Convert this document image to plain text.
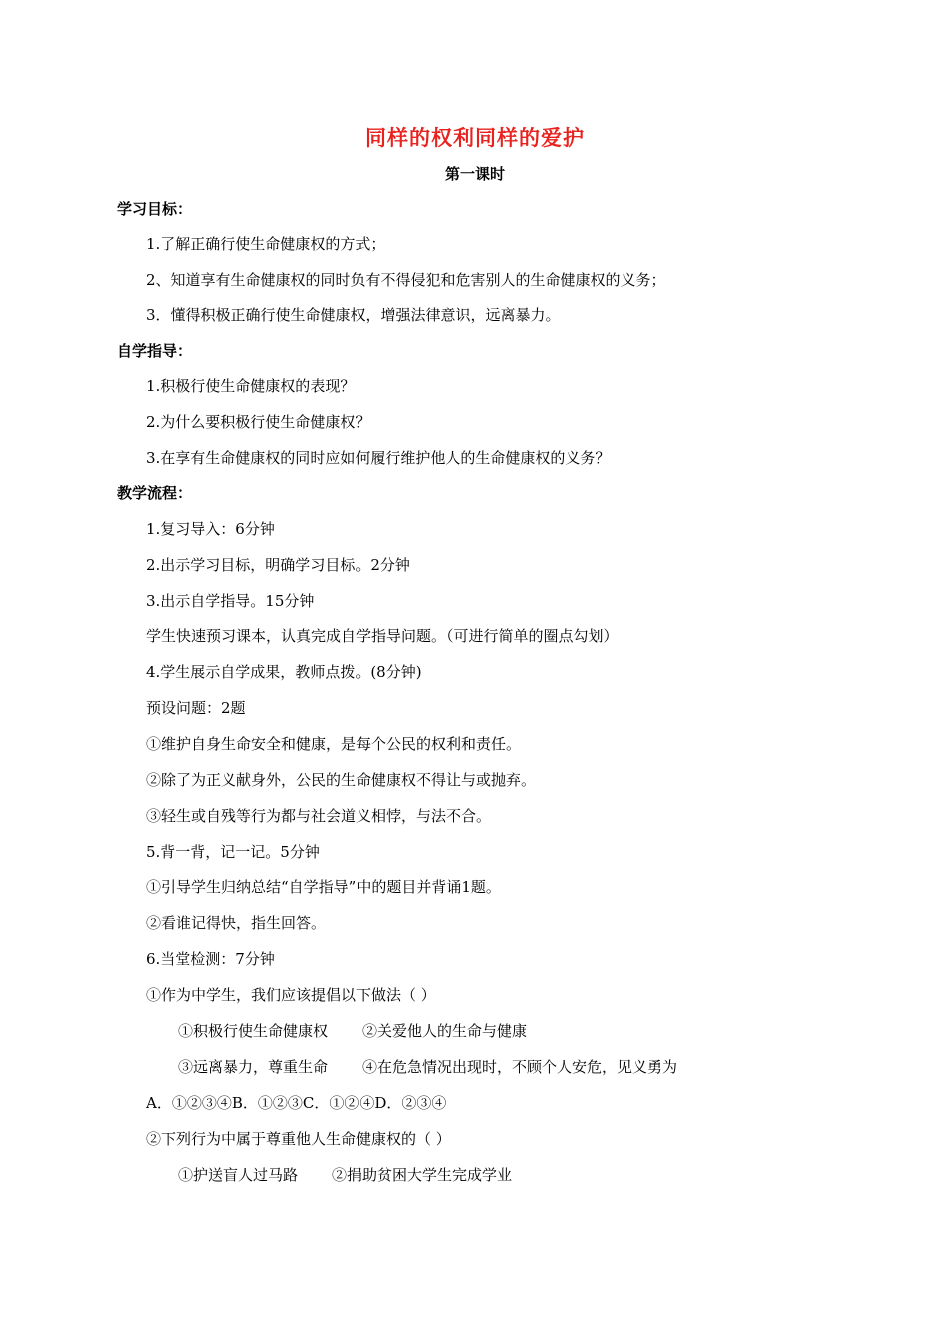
同样的权利同样的爱护
第一课时
学习目标：
1.了解正确行使生命健康权的方式；
2、知道享有生命健康权的同时负有不得侵犯和危害别人的生命健康权的义务；
3．懂得积极正确行使生命健康权，增强法律意识，远离暴力。
自学指导：
1.积极行使生命健康权的表现？
2.为什么要积极行使生命健康权？
3.在享有生命健康权的同时应如何履行维护他人的生命健康权的义务？
教学流程：
1.复习导入：6分钟
2.出示学习目标，明确学习目标。2分钟
3.出示自学指导。15分钟
学生快速预习课本，认真完成自学指导问题。（可进行简单的圈点勾划）
4.学生展示自学成果，教师点拨。(8分钟)
预设问题：2题
①维护自身生命安全和健康，是每个公民的权利和责任。
②除了为正义献身外，公民的生命健康权不得让与或抛弃。
③轻生或自残等行为都与社会道义相悖，与法不合。
5.背一背，记一记。5分钟
①引导学生归纳总结“自学指导”中的题目并背诵1题。
②看谁记得快，指生回答。
6.当堂检测：7分钟
①作为中学生，我们应该提倡以下做法（ ）
①积极行使生命健康权 ②关爱他人的生命与健康
③远离暴力，尊重生命 ④在危急情况出现时，不顾个人安危，见义勇为
A．①②③④B．①②③C．①②④D．②③④
②下列行为中属于尊重他人生命健康权的（ ）
①护送盲人过马路 ②捐助贫困大学生完成学业
